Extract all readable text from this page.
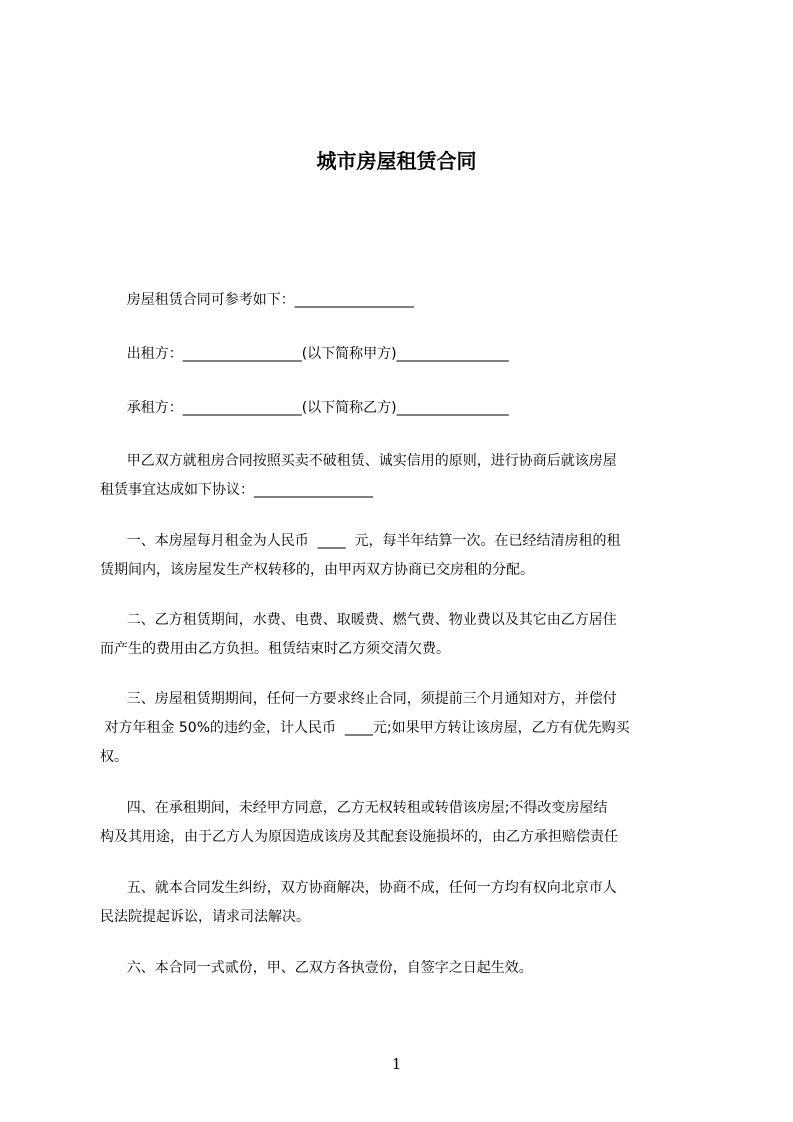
城市房屋租赁合同

房屋租赁合同可参考如下：_________________

出租方：_________________(以下简称甲方)________________

承租方：_________________(以下简称乙方)________________

甲乙双方就租房合同按照买卖不破租赁、诚实信用的原则，进行协商后就该房屋

租赁事宜达成如下协议：_________________

一、本房屋每月租金为人民币  ____  元，每半年结算一次。在已经结清房租的租

赁期间内，该房屋发生产权转移的，由甲丙双方协商已交房租的分配。

二、乙方租赁期间，水费、电费、取暖费、燃气费、物业费以及其它由乙方居住

而产生的费用由乙方负担。租赁结束时乙方须交清欠费。

三、房屋租赁期期间，任何一方要求终止合同，须提前三个月通知对方，并偿付

对方年租金 50%的违约金，计人民币  ____元;如果甲方转让该房屋，乙方有优先购买

权。

四、在承租期间，未经甲方同意，乙方无权转租或转借该房屋;不得改变房屋结

构及其用途，由于乙方人为原因造成该房及其配套设施损坏的，由乙方承担赔偿责任

五、就本合同发生纠纷，双方协商解决，协商不成，任何一方均有权向北京市人

民法院提起诉讼，请求司法解决。

六、本合同一式贰份，甲、乙双方各执壹份，自签字之日起生效。

1
